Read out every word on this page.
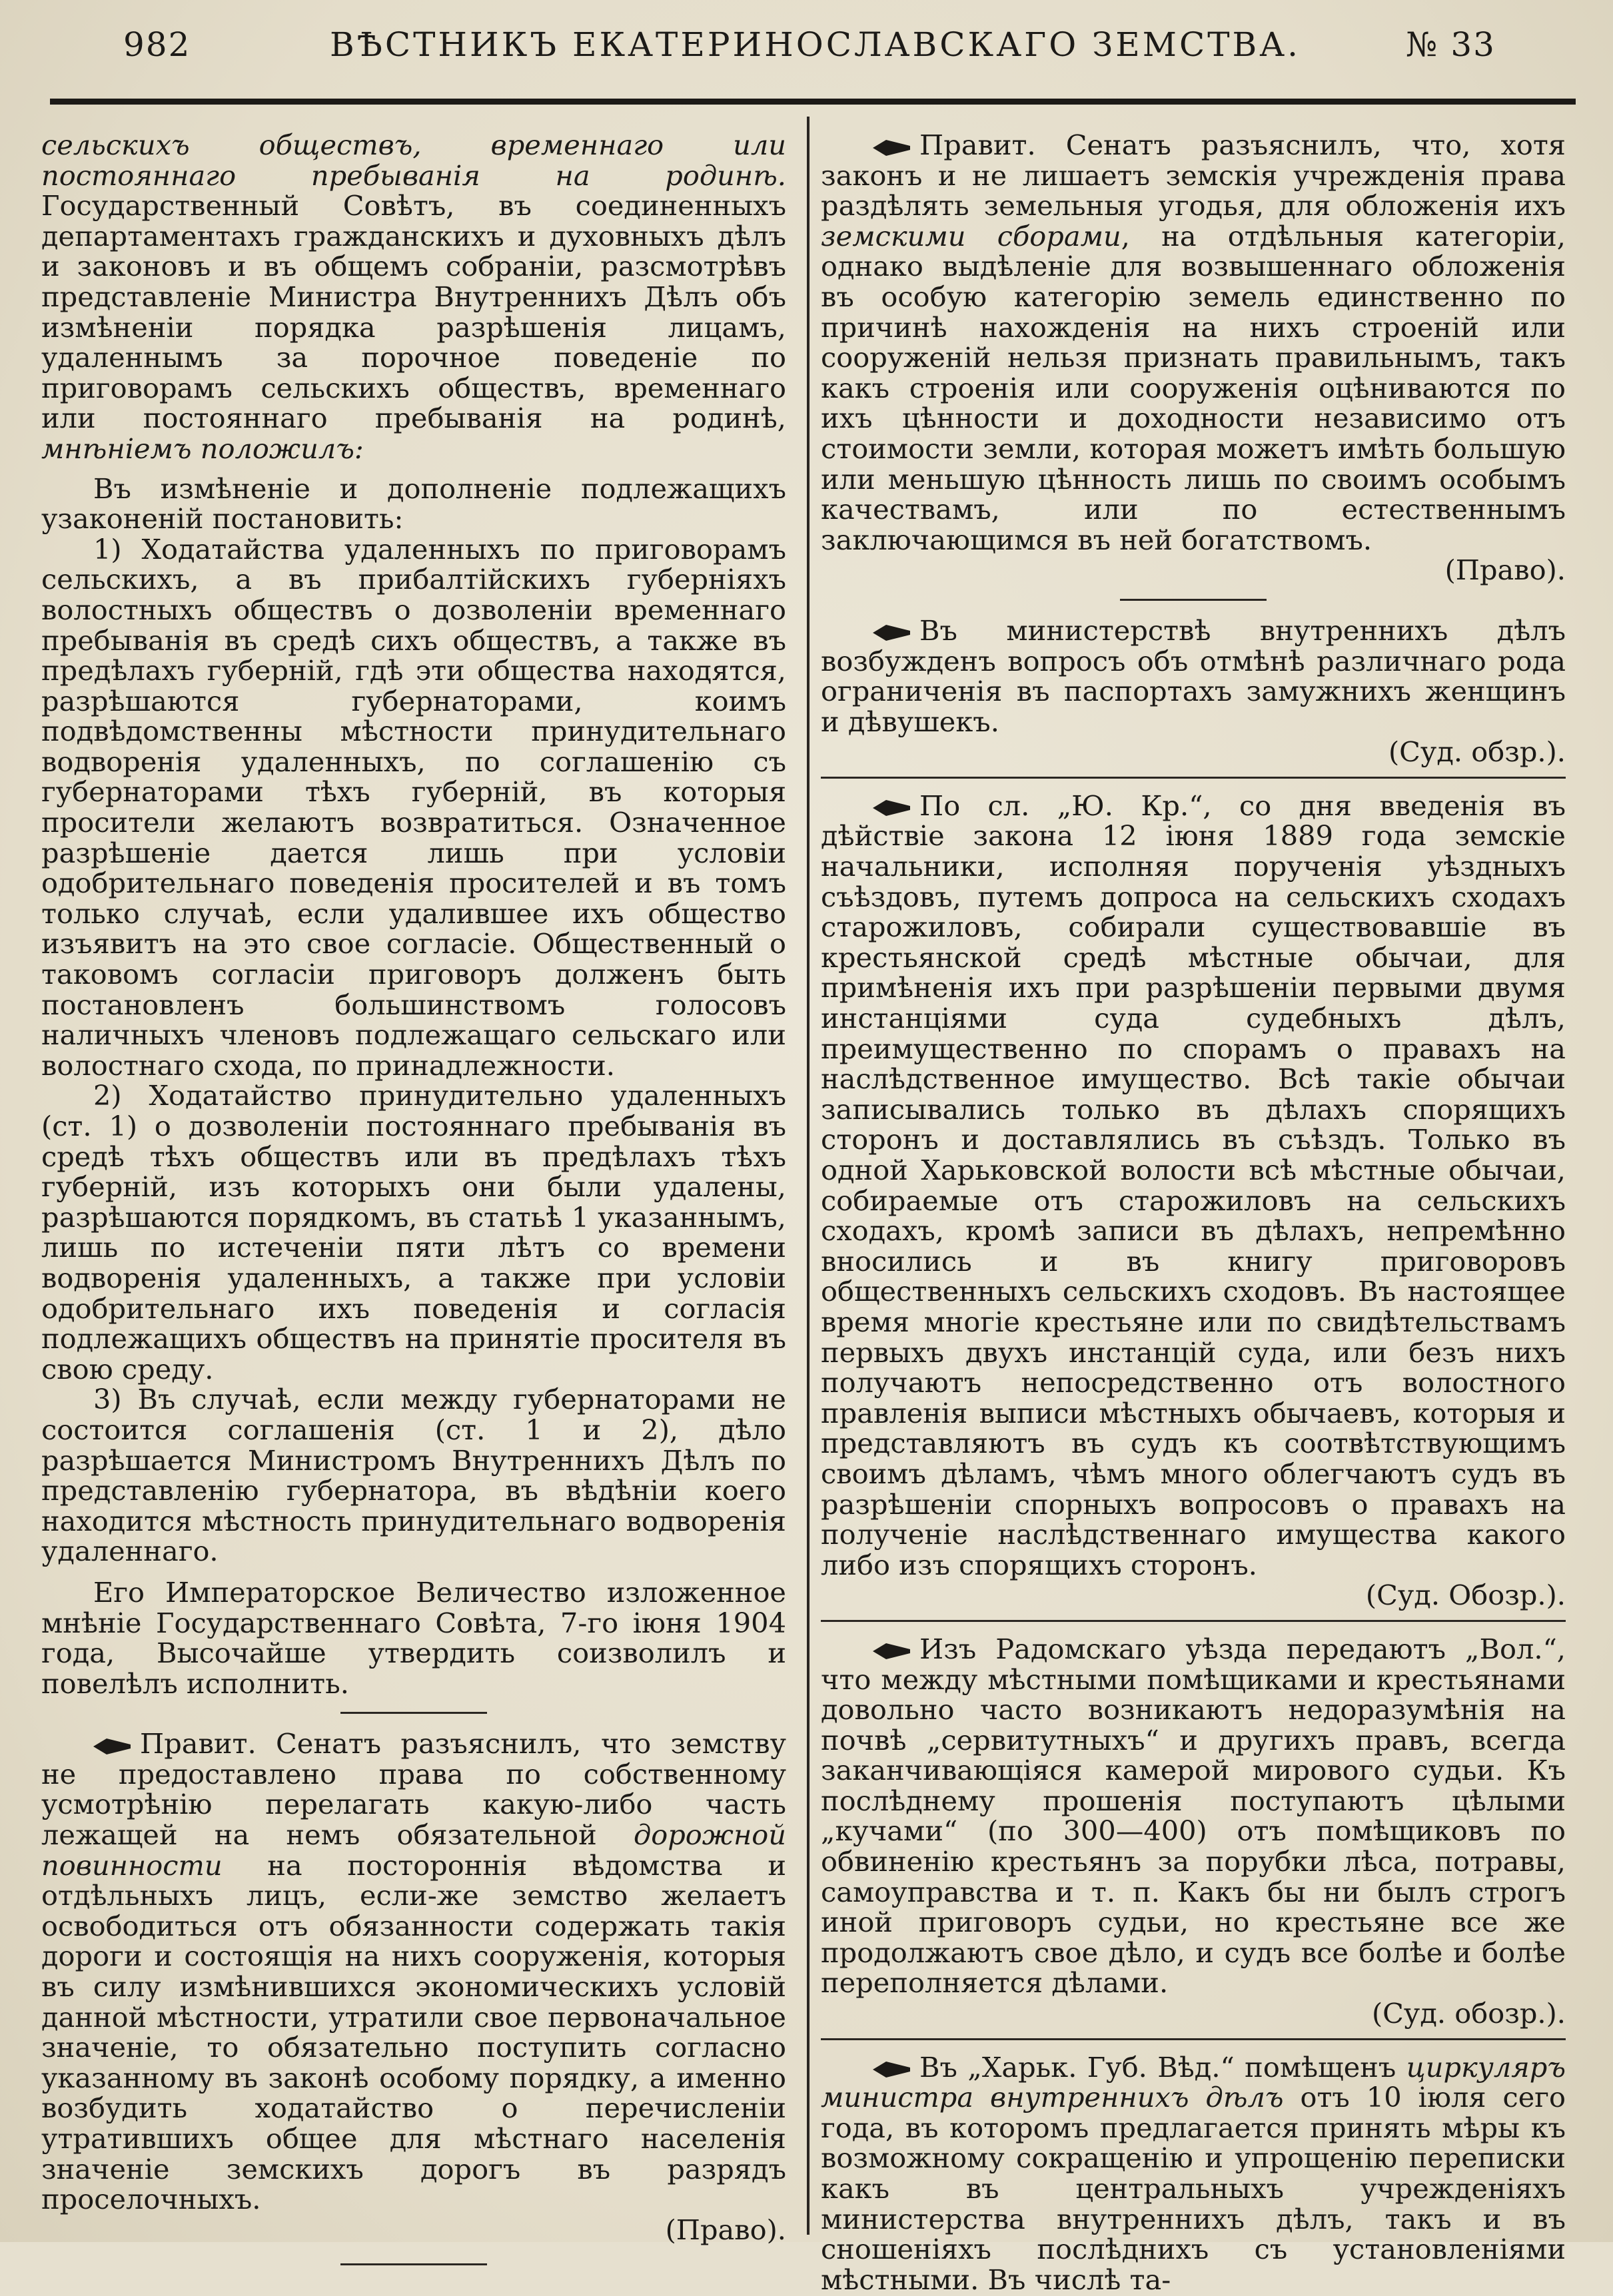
982	ВѢСТНИКЪ ЕКАТЕРИНОСЛАВСКАГО ЗЕМСТВА.	№ 33

сельскихъ обществъ, временнаго или постояннаго пребыванія на родинѣ. Государственный Совѣтъ, въ соединенныхъ департаментахъ гражданскихъ и духовныхъ дѣлъ и законовъ и въ общемъ собраніи, разсмотрѣвъ представленіе Министра Внутреннихъ Дѣлъ объ измѣненіи порядка разрѣшенія лицамъ, удаленнымъ за порочное поведеніе по приговорамъ сельскихъ обществъ, временнаго или постояннаго пребыванія на родинѣ, мнѣніемъ положилъ:

Въ измѣненіе и дополненіе подлежащихъ узаконеній постановить:

1) Ходатайства удаленныхъ по приговорамъ сельскихъ, а въ прибалтійскихъ губерніяхъ волостныхъ обществъ о дозволеніи временнаго пребыванія въ средѣ сихъ обществъ, а также въ предѣлахъ губерній, гдѣ эти общества находятся, разрѣшаются губернаторами, коимъ подвѣдомственны мѣстности принудительнаго водворенія удаленныхъ, по соглашенію съ губернаторами тѣхъ губерній, въ которыя просители желаютъ возвратиться. Означенное разрѣшеніе дается лишь при условіи одобрительнаго поведенія просителей и въ томъ только случаѣ, если удалившее ихъ общество изъявитъ на это свое согласіе. Общественный о таковомъ согласіи приговоръ долженъ быть постановленъ большинствомъ голосовъ наличныхъ членовъ подлежащаго сельскаго или волостнаго схода, по принадлежности.

2) Ходатайство принудительно удаленныхъ (ст. 1) о дозволеніи постояннаго пребыванія въ средѣ тѣхъ обществъ или въ предѣлахъ тѣхъ губерній, изъ которыхъ они были удалены, разрѣшаются порядкомъ, въ статьѣ 1 указаннымъ, лишь по истеченіи пяти лѣтъ со времени водворенія удаленныхъ, а также при условіи одобрительнаго ихъ поведенія и согласія подлежащихъ обществъ на принятіе просителя въ свою среду.

3) Въ случаѣ, если между губернаторами не состоится соглашенія (ст. 1 и 2), дѣло разрѣшается Министромъ Внутреннихъ Дѣлъ по представленію губернатора, въ вѣдѣніи коего находится мѣстность принудительнаго водворенія удаленнаго.

Его Императорское Величество изложенное мнѣніе Государственнаго Совѣта, 7-го іюня 1904 года, Высочайше утвердить соизволилъ и повелѣлъ исполнить.

Правит. Сенатъ разъяснилъ, что земству не предоставлено права по собственному усмотрѣнію перелагать какую-либо часть лежащей на немъ обязательной дорожной повинности на постороннія вѣдомства и отдѣльныхъ лицъ, если-же земство желаетъ освободиться отъ обязанности содержать такія дороги и состоящія на нихъ сооруженія, которыя въ силу измѣнившихся экономическихъ условій данной мѣстности, утратили свое первоначальное значеніе, то обязательно поступить согласно указанному въ законѣ особому порядку, а именно возбудить ходатайство о перечисленіи утратившихъ общее для мѣстнаго населенія значеніе земскихъ дорогъ въ разрядъ проселочныхъ.

(Право).

Правит. Сенатъ разъяснилъ, что, хотя законъ и не лишаетъ земскія учрежденія права раздѣлять земельныя угодья, для обложенія ихъ земскими сборами, на отдѣльныя категоріи, однако выдѣленіе для возвышеннаго обложенія въ особую категорію земель единственно по причинѣ нахожденія на нихъ строеній или сооруженій нельзя признать правильнымъ, такъ какъ строенія или сооруженія оцѣниваются по ихъ цѣнности и доходности независимо отъ стоимости земли, которая можетъ имѣть большую или меньшую цѣнность лишь по своимъ особымъ качествамъ, или по естественнымъ заключающимся въ ней богатствомъ.

(Право).

Въ министерствѣ внутреннихъ дѣлъ возбужденъ вопросъ объ отмѣнѣ различнаго рода ограниченія въ паспортахъ замужнихъ женщинъ и дѣвушекъ.

(Суд. обзр.).

По сл. „Ю. Кр.“, со дня введенія въ дѣйствіе закона 12 іюня 1889 года земскіе начальники, исполняя порученія уѣздныхъ съѣздовъ, путемъ допроса на сельскихъ сходахъ старожиловъ, собирали существовавшіе въ крестьянской средѣ мѣстные обычаи, для примѣненія ихъ при разрѣшеніи первыми двумя инстанціями суда судебныхъ дѣлъ, преимущественно по спорамъ о правахъ на наслѣдственное имущество. Всѣ такіе обычаи записывались только въ дѣлахъ спорящихъ сторонъ и доставлялись въ съѣздъ. Только въ одной Харьковской волости всѣ мѣстные обычаи, собираемые отъ старожиловъ на сельскихъ сходахъ, кромѣ записи въ дѣлахъ, непремѣнно вносились и въ книгу приговоровъ общественныхъ сельскихъ сходовъ. Въ настоящее время многіе крестьяне или по свидѣтельствамъ первыхъ двухъ инстанцій суда, или безъ нихъ получаютъ непосредственно отъ волостного правленія выписи мѣстныхъ обычаевъ, которыя и представляютъ въ судъ къ соотвѣтствующимъ своимъ дѣламъ, чѣмъ много облегчаютъ судъ въ разрѣшеніи спорныхъ вопросовъ о правахъ на полученіе наслѣдственнаго имущества какого либо изъ спорящихъ сторонъ.

(Суд. Обозр.).

Изъ Радомскаго уѣзда передаютъ „Вол.“, что между мѣстными помѣщиками и крестьянами довольно часто возникаютъ недоразумѣнія на почвѣ „сервитутныхъ“ и другихъ правъ, всегда заканчивающіяся камерой мирового судьи. Къ послѣднему прошенія поступаютъ цѣлыми „кучами“ (по 300—400) отъ помѣщиковъ по обвиненію крестьянъ за порубки лѣса, потравы, самоуправства и т. п. Какъ бы ни былъ строгъ иной приговоръ судьи, но крестьяне все же продолжаютъ свое дѣло, и судъ все болѣе и болѣе переполняется дѣлами.

(Суд. обозр.).

Въ „Харьк. Губ. Вѣд.“ помѣщенъ циркуляръ министра внутреннихъ дѣлъ отъ 10 іюля сего года, въ которомъ предлагается принять мѣры къ возможному сокращенію и упрощенію переписки какъ въ центральныхъ учрежденіяхъ министерства внутреннихъ дѣлъ, такъ и въ сношеніяхъ послѣднихъ съ установленіями мѣстными. Въ числѣ та-
